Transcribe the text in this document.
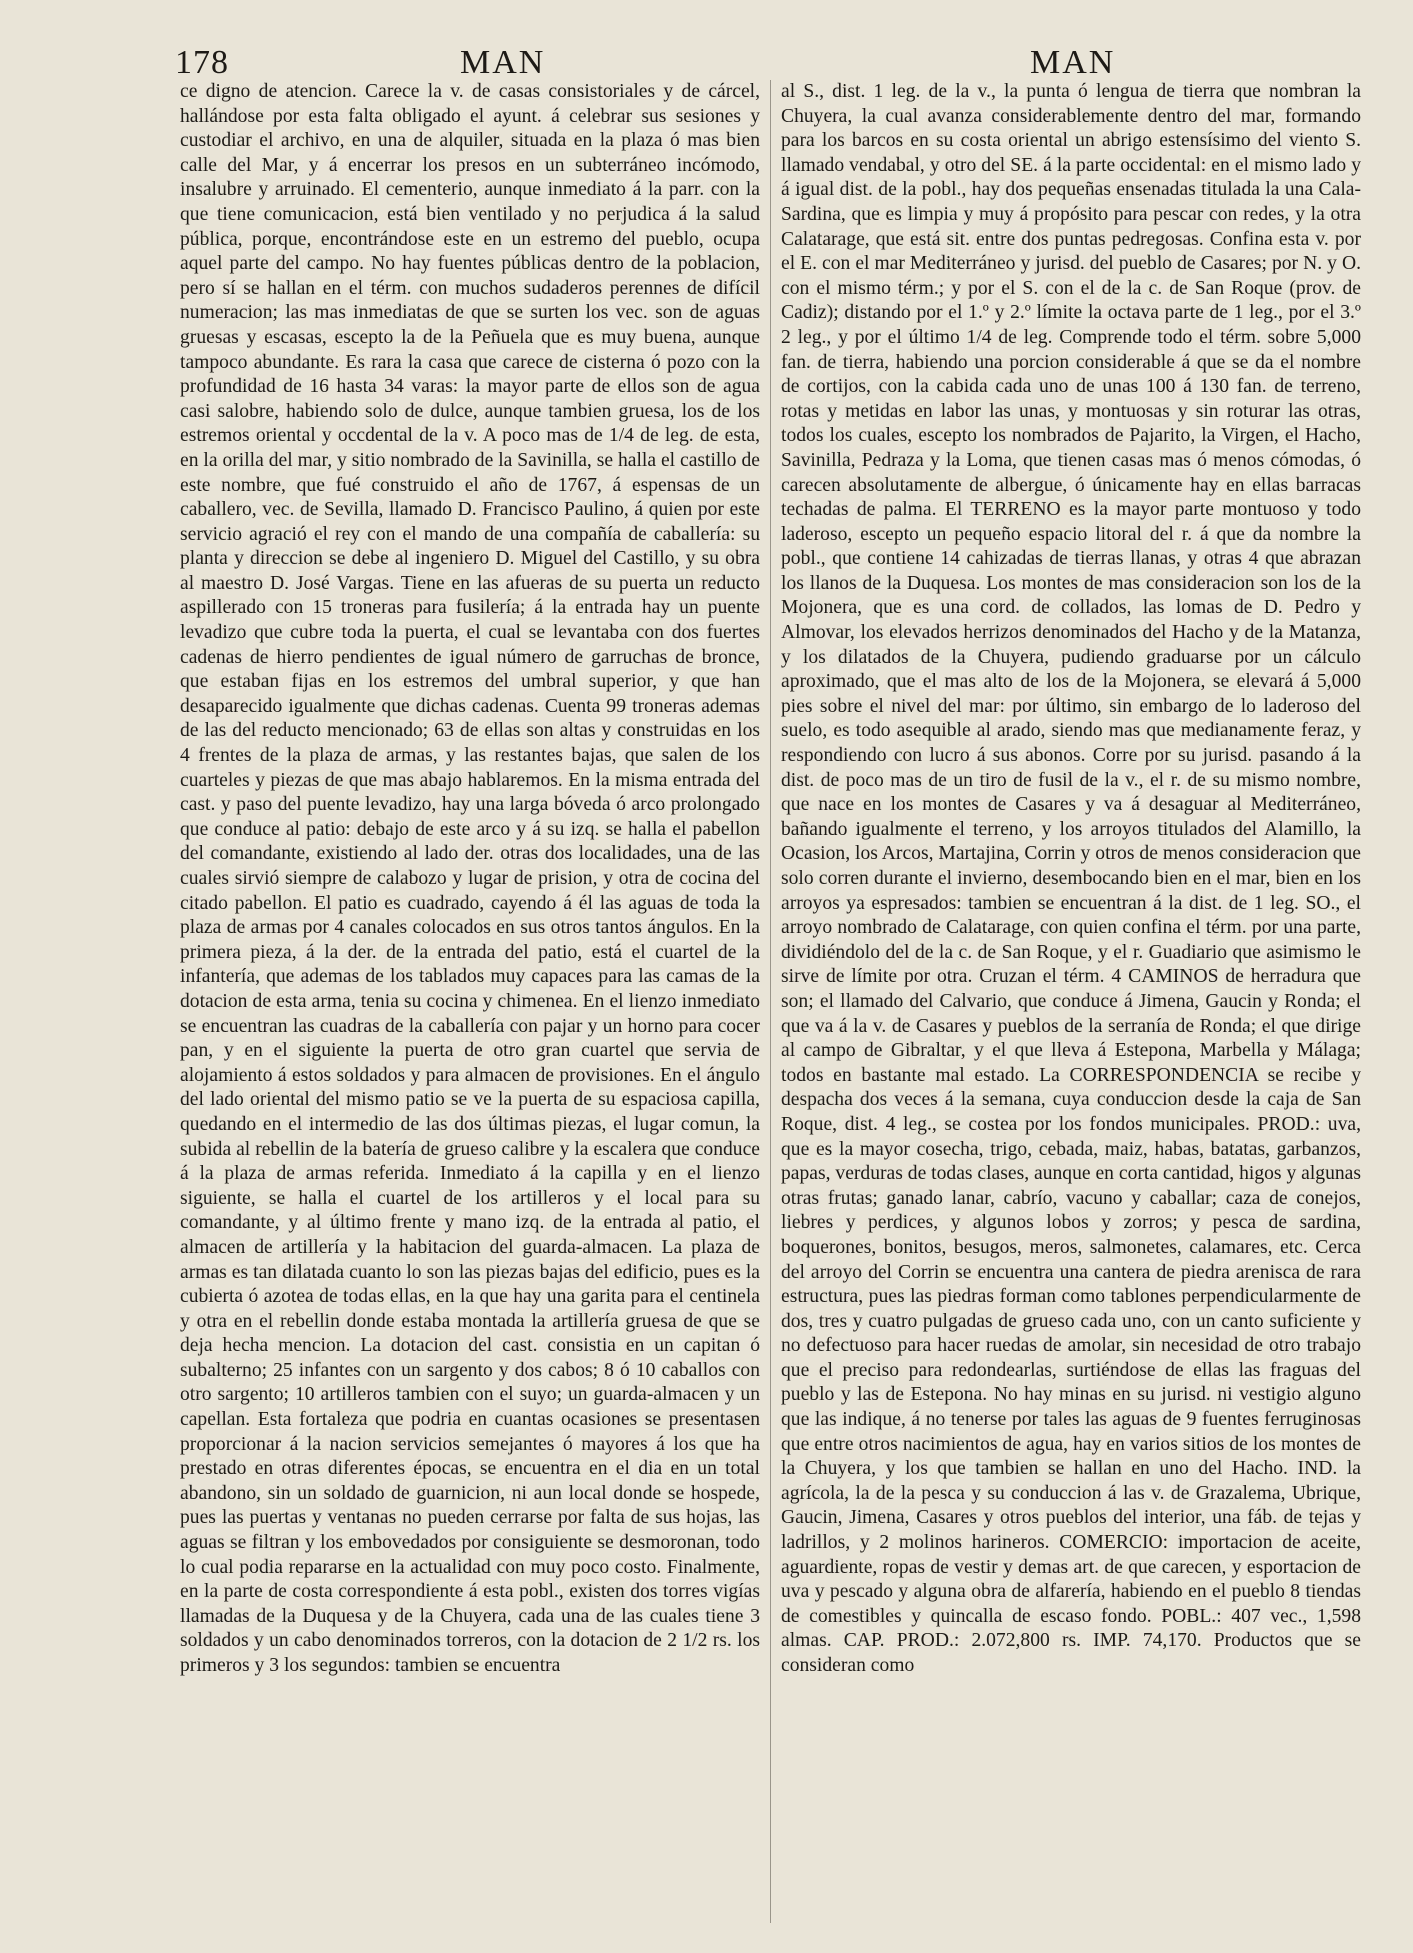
178	MAN	MAN

ce digno de atencion. Carece la v. de casas consistoriales y de cárcel, hallándose por esta falta obligado el ayunt. á celebrar sus sesiones y custodiar el archivo, en una de alquiler, situada en la plaza ó mas bien calle del Mar, y á encerrar los presos en un subterráneo incómodo, insalubre y arruinado. El cementerio, aunque inmediato á la parr. con la que tiene comunicacion, está bien ventilado y no perjudica á la salud pública, porque, encontrándose este en un estremo del pueblo, ocupa aquel parte del campo. No hay fuentes públicas dentro de la poblacion, pero sí se hallan en el térm. con muchos sudaderos perennes de difícil numeracion; las mas inmediatas de que se surten los vec. son de aguas gruesas y escasas, escepto la de la Peñuela que es muy buena, aunque tampoco abundante. Es rara la casa que carece de cisterna ó pozo con la profundidad de 16 hasta 34 varas: la mayor parte de ellos son de agua casi salobre, habiendo solo de dulce, aunque tambien gruesa, los de los estremos oriental y occdental de la v. A poco mas de 1/4 de leg. de esta, en la orilla del mar, y sitio nombrado de la Savinilla, se halla el castillo de este nombre, que fué construido el año de 1767, á espensas de un caballero, vec. de Sevilla, llamado D. Francisco Paulino, á quien por este servicio agració el rey con el mando de una compañía de caballería: su planta y direccion se debe al ingeniero D. Miguel del Castillo, y su obra al maestro D. José Vargas. Tiene en las afueras de su puerta un reducto aspillerado con 15 troneras para fusilería; á la entrada hay un puente levadizo que cubre toda la puerta, el cual se levantaba con dos fuertes cadenas de hierro pendientes de igual número de garruchas de bronce, que estaban fijas en los estremos del umbral superior, y que han desaparecido igualmente que dichas cadenas. Cuenta 99 troneras ademas de las del reducto mencionado; 63 de ellas son altas y construidas en los 4 frentes de la plaza de armas, y las restantes bajas, que salen de los cuarteles y piezas de que mas abajo hablaremos. En la misma entrada del cast. y paso del puente levadizo, hay una larga bóveda ó arco prolongado que conduce al patio: debajo de este arco y á su izq. se halla el pabellon del comandante, existiendo al lado der. otras dos localidades, una de las cuales sirvió siempre de calabozo y lugar de prision, y otra de cocina del citado pabellon. El patio es cuadrado, cayendo á él las aguas de toda la plaza de armas por 4 canales colocados en sus otros tantos ángulos. En la primera pieza, á la der. de la entrada del patio, está el cuartel de la infantería, que ademas de los tablados muy capaces para las camas de la dotacion de esta arma, tenia su cocina y chimenea. En el lienzo inmediato se encuentran las cuadras de la caballería con pajar y un horno para cocer pan, y en el siguiente la puerta de otro gran cuartel que servia de alojamiento á estos soldados y para almacen de provisiones. En el ángulo del lado oriental del mismo patio se ve la puerta de su espaciosa capilla, quedando en el intermedio de las dos últimas piezas, el lugar comun, la subida al rebellin de la batería de grueso calibre y la escalera que conduce á la plaza de armas referida. Inmediato á la capilla y en el lienzo siguiente, se halla el cuartel de los artilleros y el local para su comandante, y al último frente y mano izq. de la entrada al patio, el almacen de artillería y la habitacion del guarda-almacen. La plaza de armas es tan dilatada cuanto lo son las piezas bajas del edificio, pues es la cubierta ó azotea de todas ellas, en la que hay una garita para el centinela y otra en el rebellin donde estaba montada la artillería gruesa de que se deja hecha mencion. La dotacion del cast. consistia en un capitan ó subalterno; 25 infantes con un sargento y dos cabos; 8 ó 10 caballos con otro sargento; 10 artilleros tambien con el suyo; un guarda-almacen y un capellan. Esta fortaleza que podria en cuantas ocasiones se presentasen proporcionar á la nacion servicios semejantes ó mayores á los que ha prestado en otras diferentes épocas, se encuentra en el dia en un total abandono, sin un soldado de guarnicion, ni aun local donde se hospede, pues las puertas y ventanas no pueden cerrarse por falta de sus hojas, las aguas se filtran y los embovedados por consiguiente se desmoronan, todo lo cual podia repararse en la actualidad con muy poco costo. Finalmente, en la parte de costa correspondiente á esta pobl., existen dos torres vigías llamadas de la Duquesa y de la Chuyera, cada una de las cuales tiene 3 soldados y un cabo denominados torreros, con la dotacion de 2 1/2 rs. los primeros y 3 los segundos: tambien se encuentra

al S., dist. 1 leg. de la v., la punta ó lengua de tierra que nombran la Chuyera, la cual avanza considerablemente dentro del mar, formando para los barcos en su costa oriental un abrigo estensísimo del viento S. llamado vendabal, y otro del SE. á la parte occidental: en el mismo lado y á igual dist. de la pobl., hay dos pequeñas ensenadas titulada la una Cala-Sardina, que es limpia y muy á propósito para pescar con redes, y la otra Calatarage, que está sit. entre dos puntas pedregosas. Confina esta v. por el E. con el mar Mediterráneo y jurisd. del pueblo de Casares; por N. y O. con el mismo térm.; y por el S. con el de la c. de San Roque (prov. de Cadiz); distando por el 1.º y 2.º límite la octava parte de 1 leg., por el 3.º 2 leg., y por el último 1/4 de leg. Comprende todo el térm. sobre 5,000 fan. de tierra, habiendo una porcion considerable á que se da el nombre de cortijos, con la cabida cada uno de unas 100 á 130 fan. de terreno, rotas y metidas en labor las unas, y montuosas y sin roturar las otras, todos los cuales, escepto los nombrados de Pajarito, la Virgen, el Hacho, Savinilla, Pedraza y la Loma, que tienen casas mas ó menos cómodas, ó carecen absolutamente de albergue, ó únicamente hay en ellas barracas techadas de palma. El TERRENO es la mayor parte montuoso y todo laderoso, escepto un pequeño espacio litoral del r. á que da nombre la pobl., que contiene 14 cahizadas de tierras llanas, y otras 4 que abrazan los llanos de la Duquesa. Los montes de mas consideracion son los de la Mojonera, que es una cord. de collados, las lomas de D. Pedro y Almovar, los elevados herrizos denominados del Hacho y de la Matanza, y los dilatados de la Chuyera, pudiendo graduarse por un cálculo aproximado, que el mas alto de los de la Mojonera, se elevará á 5,000 pies sobre el nivel del mar: por último, sin embargo de lo laderoso del suelo, es todo asequible al arado, siendo mas que medianamente feraz, y respondiendo con lucro á sus abonos. Corre por su jurisd. pasando á la dist. de poco mas de un tiro de fusil de la v., el r. de su mismo nombre, que nace en los montes de Casares y va á desaguar al Mediterráneo, bañando igualmente el terreno, y los arroyos titulados del Alamillo, la Ocasion, los Arcos, Martajina, Corrin y otros de menos consideracion que solo corren durante el invierno, desembocando bien en el mar, bien en los arroyos ya espresados: tambien se encuentran á la dist. de 1 leg. SO., el arroyo nombrado de Calatarage, con quien confina el térm. por una parte, dividiéndolo del de la c. de San Roque, y el r. Guadiario que asimismo le sirve de límite por otra. Cruzan el térm. 4 CAMINOS de herradura que son; el llamado del Calvario, que conduce á Jimena, Gaucin y Ronda; el que va á la v. de Casares y pueblos de la serranía de Ronda; el que dirige al campo de Gibraltar, y el que lleva á Estepona, Marbella y Málaga; todos en bastante mal estado. La CORRESPONDENCIA se recibe y despacha dos veces á la semana, cuya conduccion desde la caja de San Roque, dist. 4 leg., se costea por los fondos municipales. PROD.: uva, que es la mayor cosecha, trigo, cebada, maiz, habas, batatas, garbanzos, papas, verduras de todas clases, aunque en corta cantidad, higos y algunas otras frutas; ganado lanar, cabrío, vacuno y caballar; caza de conejos, liebres y perdices, y algunos lobos y zorros; y pesca de sardina, boquerones, bonitos, besugos, meros, salmonetes, calamares, etc. Cerca del arroyo del Corrin se encuentra una cantera de piedra arenisca de rara estructura, pues las piedras forman como tablones perpendicularmente de dos, tres y cuatro pulgadas de grueso cada uno, con un canto suficiente y no defectuoso para hacer ruedas de amolar, sin necesidad de otro trabajo que el preciso para redondearlas, surtiéndose de ellas las fraguas del pueblo y las de Estepona. No hay minas en su jurisd. ni vestigio alguno que las indique, á no tenerse por tales las aguas de 9 fuentes ferruginosas que entre otros nacimientos de agua, hay en varios sitios de los montes de la Chuyera, y los que tambien se hallan en uno del Hacho. IND. la agrícola, la de la pesca y su conduccion á las v. de Grazalema, Ubrique, Gaucin, Jimena, Casares y otros pueblos del interior, una fáb. de tejas y ladrillos, y 2 molinos harineros. COMERCIO: importacion de aceite, aguardiente, ropas de vestir y demas art. de que carecen, y esportacion de uva y pescado y alguna obra de alfarería, habiendo en el pueblo 8 tiendas de comestibles y quincalla de escaso fondo. POBL.: 407 vec., 1,598 almas. CAP. PROD.: 2.072,800 rs. IMP. 74,170. Productos que se consideran como
